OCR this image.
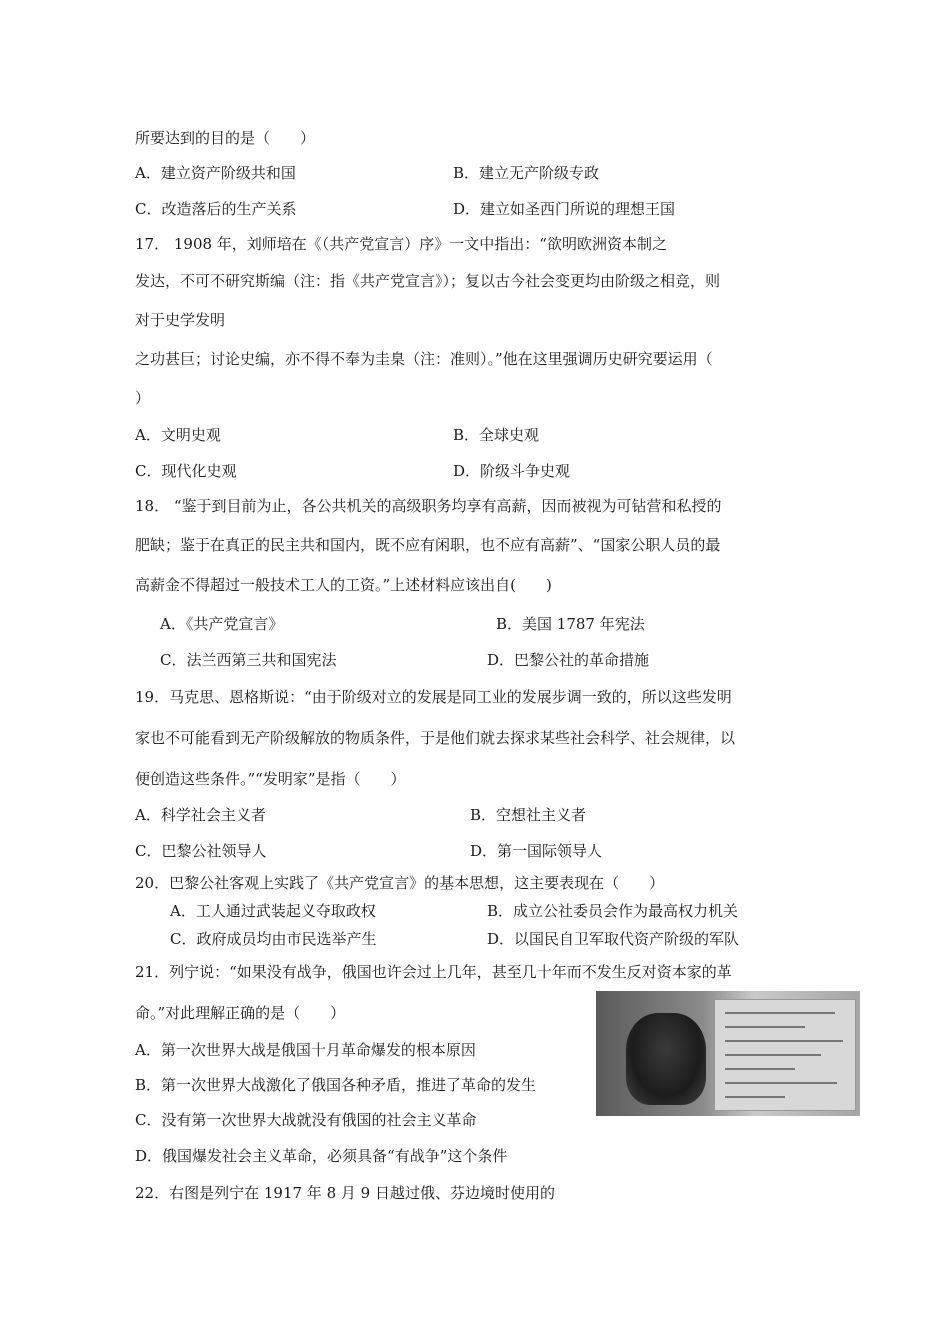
所要达到的目的是（　　）
A．建立资产阶级共和国	B．建立无产阶级专政
C．改造落后的生产关系	D．建立如圣西门所说的理想王国
17． 1908 年，刘师培在《（共产党宣言）序》一文中指出：“欲明欧洲资本制之
发达，不可不研究斯编（注：指《共产党宣言》）；复以古今社会变更均由阶级之相竞，则
对于史学发明
之功甚巨；讨论史编，亦不得不奉为圭臬（注：准则）。”他在这里强调历史研究要运用（
）
A．文明史观	B．全球史观
C．现代化史观	D．阶级斗争史观
18． “鉴于到目前为止，各公共机关的高级职务均享有高薪，因而被视为可钻营和私授的
肥缺；鉴于在真正的民主共和国内，既不应有闲职，也不应有高薪”、“国家公职人员的最
高薪金不得超过一般技术工人的工资。”上述材料应该出自(　　)
A．《共产党宣言》	B．美国 1787 年宪法
C．法兰西第三共和国宪法	D．巴黎公社的革命措施
19．马克思、恩格斯说：“由于阶级对立的发展是同工业的发展步调一致的，所以这些发明
家也不可能看到无产阶级解放的物质条件，于是他们就去探求某些社会科学、社会规律，以
便创造这些条件。”“发明家”是指（　　）
A．科学社会主义者	B．空想社主义者
C．巴黎公社领导人	D．第一国际领导人
20．巴黎公社客观上实践了《共产党宣言》的基本思想，这主要表现在（　　）
A．工人通过武装起义夺取政权	B．成立公社委员会作为最高权力机关
C．政府成员均由市民选举产生	D．以国民自卫军取代资产阶级的军队
21．列宁说：“如果没有战争，俄国也许会过上几年，甚至几十年而不发生反对资本家的革
命。”对此理解正确的是（　　）
A．第一次世界大战是俄国十月革命爆发的根本原因
B．第一次世界大战激化了俄国各种矛盾，推进了革命的发生
C．没有第一次世界大战就没有俄国的社会主义革命
D．俄国爆发社会主义革命，必须具备“有战争”这个条件
22．右图是列宁在 1917 年 8 月 9 日越过俄、芬边境时使用的
